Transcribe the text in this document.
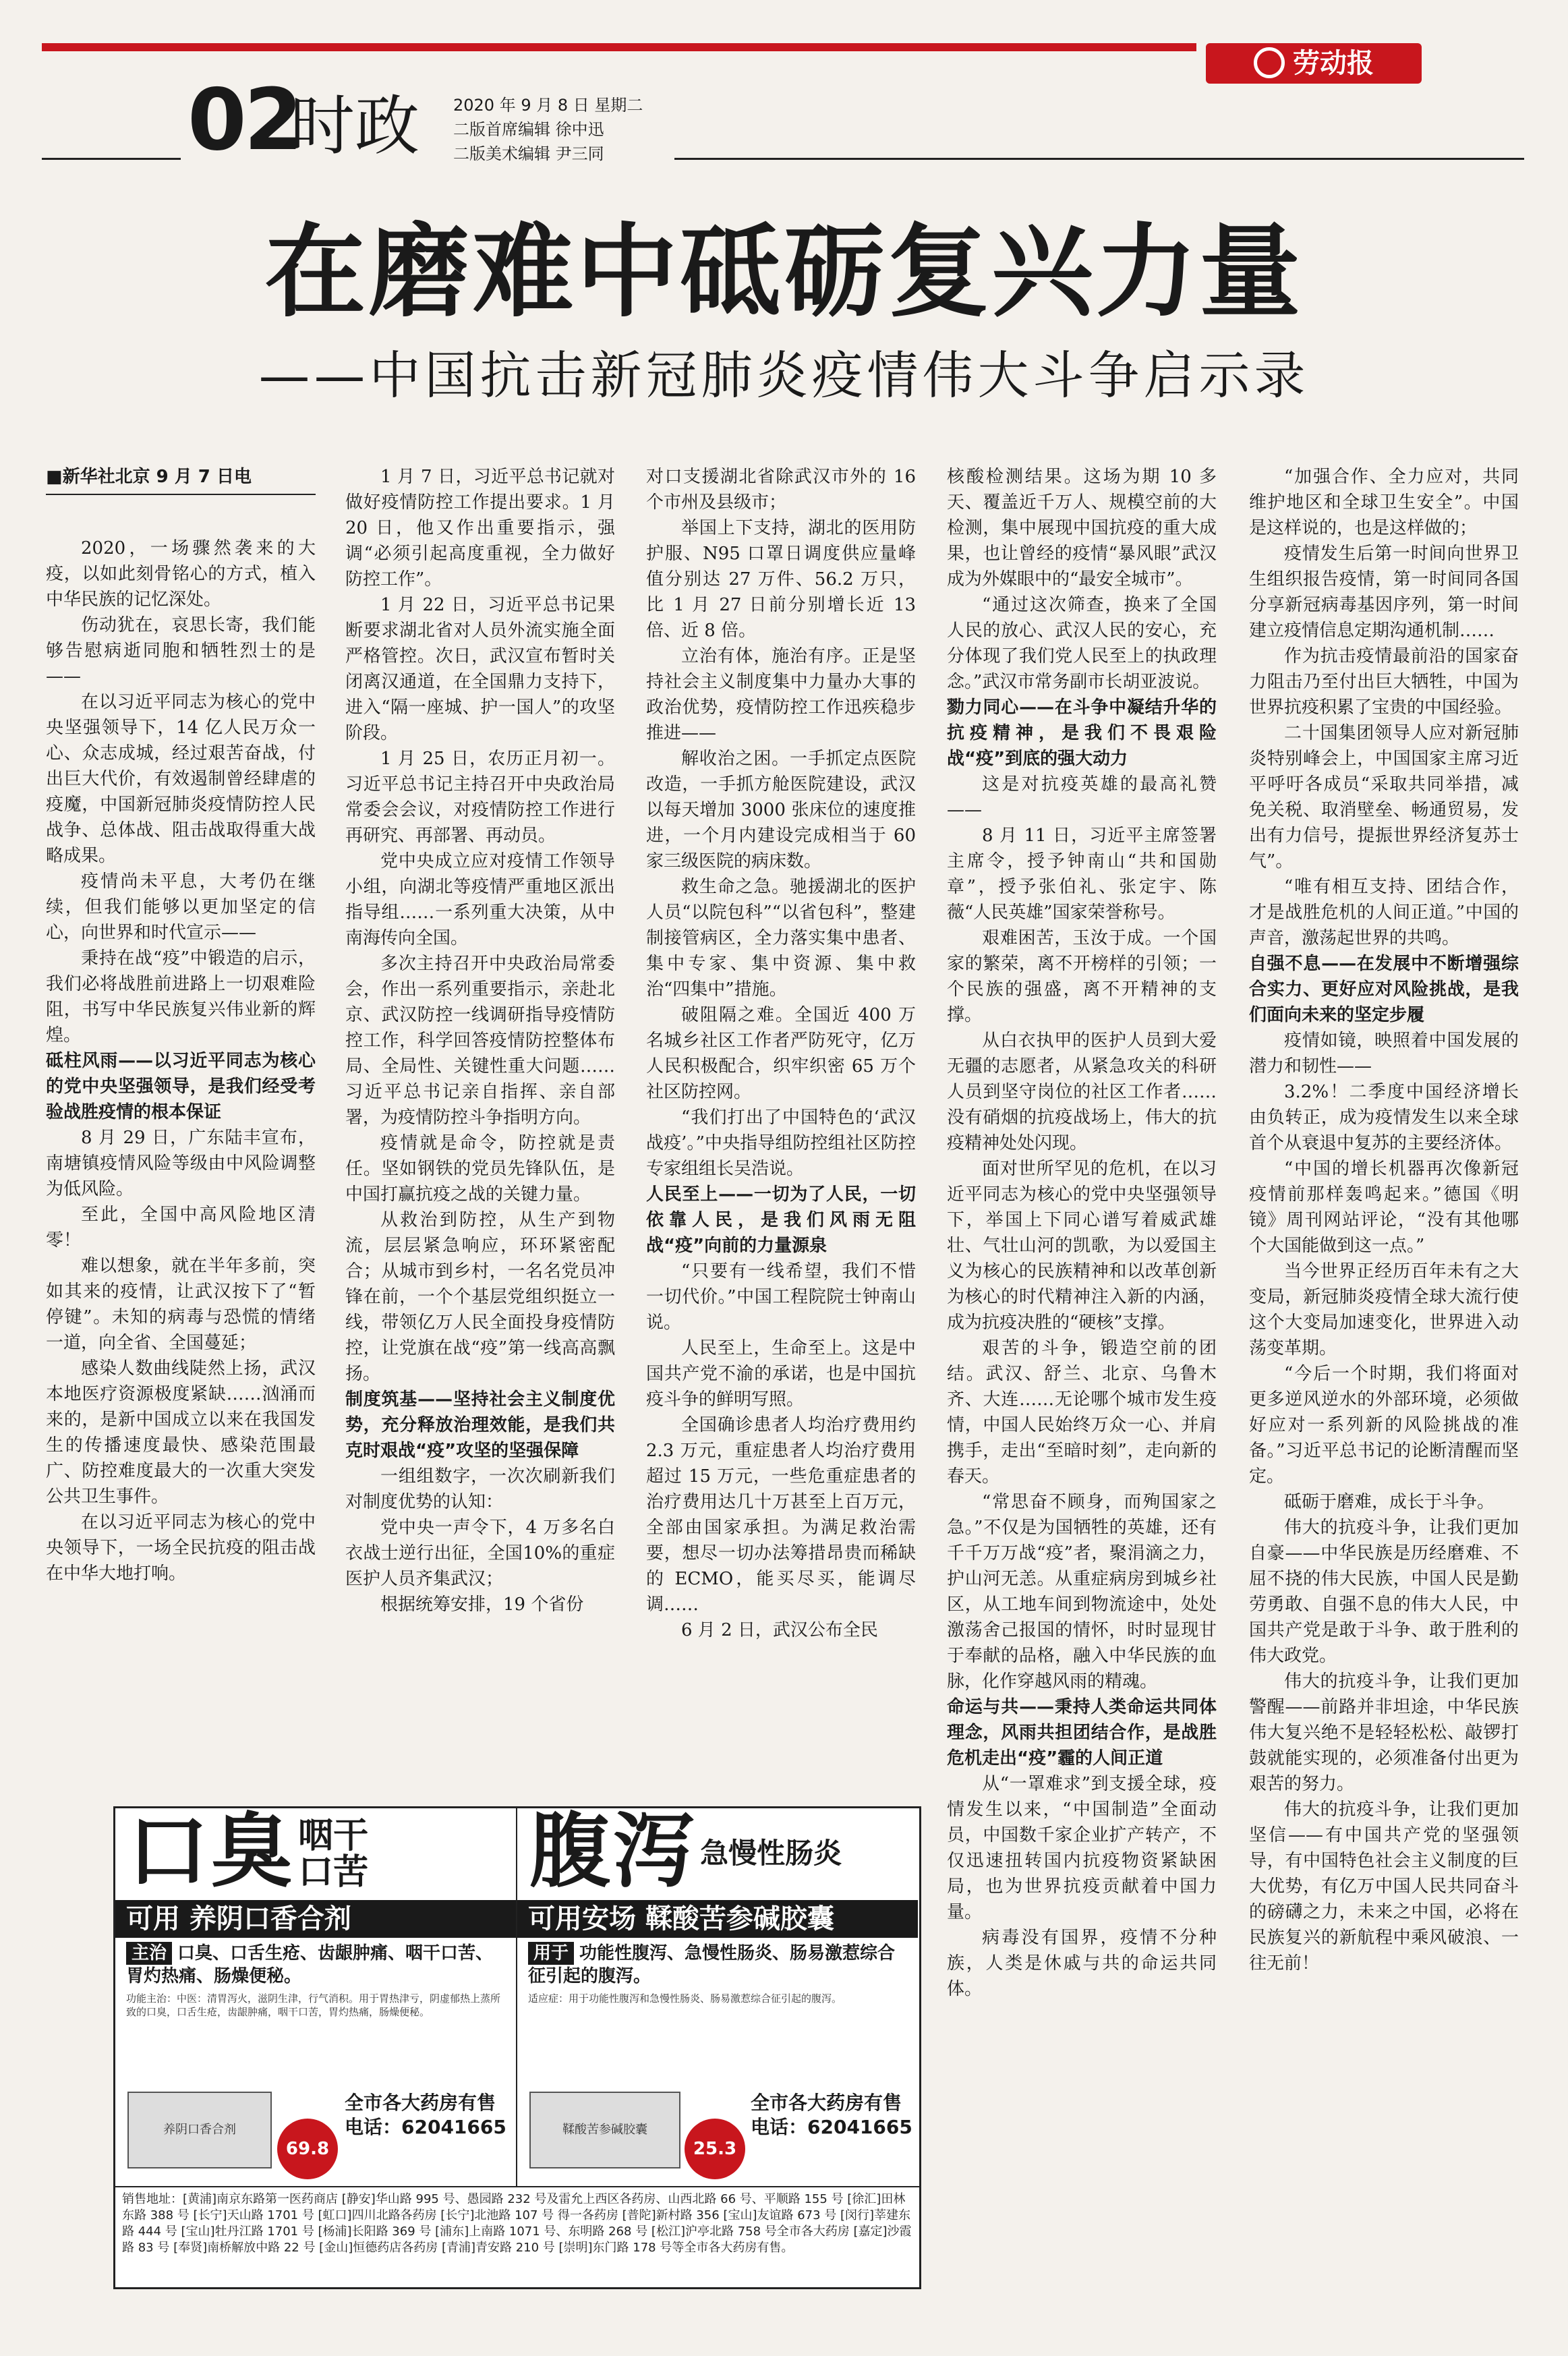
劳动报
02
时政 2020 年 9 月 8 日 星期二
二版首席编辑 徐中迅
二版美术编辑 尹三同
在磨难中砥砺复兴力量
——中国抗击新冠肺炎疫情伟大斗争启示录

■新华社北京 9 月 7 日电

2020，一场骤然袭来的大疫，以如此刻骨铭心的方式，植入中华民族的记忆深处。

伤动犹在，哀思长寄，我们能够告慰病逝同胞和牺牲烈士的是——

在以习近平同志为核心的党中央坚强领导下，14 亿人民万众一心、众志成城，经过艰苦奋战，付出巨大代价，有效遏制曾经肆虐的疫魔，中国新冠肺炎疫情防控人民战争、总体战、阻击战取得重大战略成果。

疫情尚未平息，大考仍在继续，但我们能够以更加坚定的信心，向世界和时代宣示——

秉持在战“疫”中锻造的启示，我们必将战胜前进路上一切艰难险阻，书写中华民族复兴伟业新的辉煌。

砥柱风雨——以习近平同志为核心的党中央坚强领导，是我们经受考验战胜疫情的根本保证

8 月 29 日，广东陆丰宣布，南塘镇疫情风险等级由中风险调整为低风险。

至此，全国中高风险地区清零！

难以想象，就在半年多前，突如其来的疫情，让武汉按下了“暂停键”。未知的病毒与恐慌的情绪一道，向全省、全国蔓延；

感染人数曲线陡然上扬，武汉本地医疗资源极度紧缺……汹涌而来的，是新中国成立以来在我国发生的传播速度最快、感染范围最广、防控难度最大的一次重大突发公共卫生事件。

在以习近平同志为核心的党中央领导下，一场全民抗疫的阻击战在中华大地打响。

1 月 7 日，习近平总书记就对做好疫情防控工作提出要求。1 月 20 日，他又作出重要指示，强调“必须引起高度重视，全力做好防控工作”。

1 月 22 日，习近平总书记果断要求湖北省对人员外流实施全面严格管控。次日，武汉宣布暂时关闭离汉通道，在全国鼎力支持下，进入“隔一座城、护一国人”的攻坚阶段。

1 月 25 日，农历正月初一。习近平总书记主持召开中央政治局常委会会议，对疫情防控工作进行再研究、再部署、再动员。

党中央成立应对疫情工作领导小组，向湖北等疫情严重地区派出指导组……一系列重大决策，从中南海传向全国。

多次主持召开中央政治局常委会，作出一系列重要指示，亲赴北京、武汉防控一线调研指导疫情防控工作，科学回答疫情防控整体布局、全局性、关键性重大问题……习近平总书记亲自指挥、亲自部署，为疫情防控斗争指明方向。

疫情就是命令，防控就是责任。坚如钢铁的党员先锋队伍，是中国打赢抗疫之战的关键力量。

从救治到防控，从生产到物流，层层紧急响应，环环紧密配合；从城市到乡村，一名名党员冲锋在前，一个个基层党组织挺立一线，带领亿万人民全面投身疫情防控，让党旗在战“疫”第一线高高飘扬。

制度筑基——坚持社会主义制度优势，充分释放治理效能，是我们共克时艰战“疫”攻坚的坚强保障

一组组数字，一次次刷新我们对制度优势的认知：

党中央一声令下，4 万多名白衣战士逆行出征，全国10%的重症医护人员齐集武汉；

根据统筹安排，19 个省份

对口支援湖北省除武汉市外的 16 个市州及县级市；

举国上下支持，湖北的医用防护服、N95 口罩日调度供应量峰值分别达 27 万件、56.2 万只，比 1 月 27 日前分别增长近 13 倍、近 8 倍。

立治有体，施治有序。正是坚持社会主义制度集中力量办大事的政治优势，疫情防控工作迅疾稳步推进——

解收治之困。一手抓定点医院改造，一手抓方舱医院建设，武汉以每天增加 3000 张床位的速度推进，一个月内建设完成相当于 60 家三级医院的病床数。

救生命之急。驰援湖北的医护人员“以院包科”“以省包科”，整建制接管病区，全力落实集中患者、集中专家、集中资源、集中救治“四集中”措施。

破阻隔之难。全国近 400 万名城乡社区工作者严防死守，亿万人民积极配合，织牢织密 65 万个社区防控网。

“我们打出了中国特色的‘武汉战疫’。”中央指导组防控组社区防控专家组组长吴浩说。

人民至上——一切为了人民，一切依靠人民，是我们风雨无阻战“疫”向前的力量源泉

“只要有一线希望，我们不惜一切代价。”中国工程院院士钟南山说。

人民至上，生命至上。这是中国共产党不渝的承诺，也是中国抗疫斗争的鲜明写照。

全国确诊患者人均治疗费用约 2.3 万元，重症患者人均治疗费用超过 15 万元，一些危重症患者的治疗费用达几十万甚至上百万元，全部由国家承担。为满足救治需要，想尽一切办法筹措昂贵而稀缺的 ECMO，能买尽买，能调尽调……

6 月 2 日，武汉公布全民

核酸检测结果。这场为期 10 多天、覆盖近千万人、规模空前的大检测，集中展现中国抗疫的重大成果，也让曾经的疫情“暴风眼”武汉成为外媒眼中的“最安全城市”。

“通过这次筛查，换来了全国人民的放心、武汉人民的安心，充分体现了我们党人民至上的执政理念。”武汉市常务副市长胡亚波说。

勠力同心——在斗争中凝结升华的抗疫精神，是我们不畏艰险战“疫”到底的强大动力

这是对抗疫英雄的最高礼赞——

8 月 11 日，习近平主席签署主席令，授予钟南山“共和国勋章”，授予张伯礼、张定宇、陈薇“人民英雄”国家荣誉称号。

艰难困苦，玉汝于成。一个国家的繁荣，离不开榜样的引领；一个民族的强盛，离不开精神的支撑。

从白衣执甲的医护人员到大爱无疆的志愿者，从紧急攻关的科研人员到坚守岗位的社区工作者……没有硝烟的抗疫战场上，伟大的抗疫精神处处闪现。

面对世所罕见的危机，在以习近平同志为核心的党中央坚强领导下，举国上下同心谱写着威武雄壮、气壮山河的凯歌，为以爱国主义为核心的民族精神和以改革创新为核心的时代精神注入新的内涵，成为抗疫决胜的“硬核”支撑。

艰苦的斗争，锻造空前的团结。武汉、舒兰、北京、乌鲁木齐、大连……无论哪个城市发生疫情，中国人民始终万众一心、并肩携手，走出“至暗时刻”，走向新的春天。

“常思奋不顾身，而殉国家之急。”不仅是为国牺牲的英雄，还有千千万万战“疫”者，聚涓滴之力，护山河无恙。从重症病房到城乡社区，从工地车间到物流途中，处处激荡舍己报国的情怀，时时显现甘于奉献的品格，融入中华民族的血脉，化作穿越风雨的精魂。

命运与共——秉持人类命运共同体理念，风雨共担团结合作，是战胜危机走出“疫”霾的人间正道

从“一罩难求”到支援全球，疫情发生以来，“中国制造”全面动员，中国数千家企业扩产转产，不仅迅速扭转国内抗疫物资紧缺困局，也为世界抗疫贡献着中国力量。

病毒没有国界，疫情不分种族，人类是休戚与共的命运共同体。

“加强合作、全力应对，共同维护地区和全球卫生安全”。中国是这样说的，也是这样做的；

疫情发生后第一时间向世界卫生组织报告疫情，第一时间同各国分享新冠病毒基因序列，第一时间建立疫情信息定期沟通机制……

作为抗击疫情最前沿的国家奋力阻击乃至付出巨大牺牲，中国为世界抗疫积累了宝贵的中国经验。

二十国集团领导人应对新冠肺炎特别峰会上，中国国家主席习近平呼吁各成员“采取共同举措，减免关税、取消壁垒、畅通贸易，发出有力信号，提振世界经济复苏士气”。

“唯有相互支持、团结合作，才是战胜危机的人间正道。”中国的声音，激荡起世界的共鸣。

自强不息——在发展中不断增强综合实力、更好应对风险挑战，是我们面向未来的坚定步履

疫情如镜，映照着中国发展的潜力和韧性——

3.2%！二季度中国经济增长由负转正，成为疫情发生以来全球首个从衰退中复苏的主要经济体。

“中国的增长机器再次像新冠疫情前那样轰鸣起来。”德国《明镜》周刊网站评论，“没有其他哪个大国能做到这一点。”

当今世界正经历百年未有之大变局，新冠肺炎疫情全球大流行使这个大变局加速变化，世界进入动荡变革期。

“今后一个时期，我们将面对更多逆风逆水的外部环境，必须做好应对一系列新的风险挑战的准备。”习近平总书记的论断清醒而坚定。

砥砺于磨难，成长于斗争。

伟大的抗疫斗争，让我们更加自豪——中华民族是历经磨难、不屈不挠的伟大民族，中国人民是勤劳勇敢、自强不息的伟大人民，中国共产党是敢于斗争、敢于胜利的伟大政党。

伟大的抗疫斗争，让我们更加警醒——前路并非坦途，中华民族伟大复兴绝不是轻轻松松、敲锣打鼓就能实现的，必须准备付出更为艰苦的努力。

伟大的抗疫斗争，让我们更加坚信——有中国共产党的坚强领导，有中国特色社会主义制度的巨大优势，有亿万中国人民共同奋斗的磅礴之力，未来之中国，必将在民族复兴的新航程中乘风破浪、一往无前！

口臭 咽干口苦
可用 养阴口香合剂
主治 口臭、口舌生疮、齿龈肿痛、咽干口苦、胃灼热痛、肠燥便秘。
功能主治：中医：清胃泻火，滋阴生津，行气消积。用于胃热津亏，阴虚郁热上蒸所致的口臭，口舌生疮，齿龈肿痛，咽干口苦，胃灼热痛，肠燥便秘。
养阴口香合剂
69.8
全市各大药房有售
电话：62041665
腹泻 急慢性肠炎
可用安场 鞣酸苦参碱胶囊
用于 功能性腹泻、急慢性肠炎、肠易激惹综合征引起的腹泻。
适应症：用于功能性腹泻和急慢性肠炎、肠易激惹综合征引起的腹泻。
鞣酸苦参碱胶囊
25.3
全市各大药房有售
电话：62041665
销售地址：[黄浦]南京东路第一医药商店 [静安]华山路 995 号、愚园路 232 号及雷允上西区各药房、山西北路 66 号、平顺路 155 号 [徐汇]田林东路 388 号 [长宁]天山路 1701 号 [虹口]四川北路各药房 [长宁]北池路 107 号 得一各药房 [普陀]新村路 356 [宝山]友谊路 673 号 [闵行]莘建东路 444 号 [宝山]牡丹江路 1701 号 [杨浦]长阳路 369 号 [浦东]上南路 1071 号、东明路 268 号 [松江]沪亭北路 758 号全市各大药房 [嘉定]沙霞路 83 号 [奉贤]南桥解放中路 22 号 [金山]恒德药店各药房 [青浦]青安路 210 号 [崇明]东门路 178 号等全市各大药房有售。
